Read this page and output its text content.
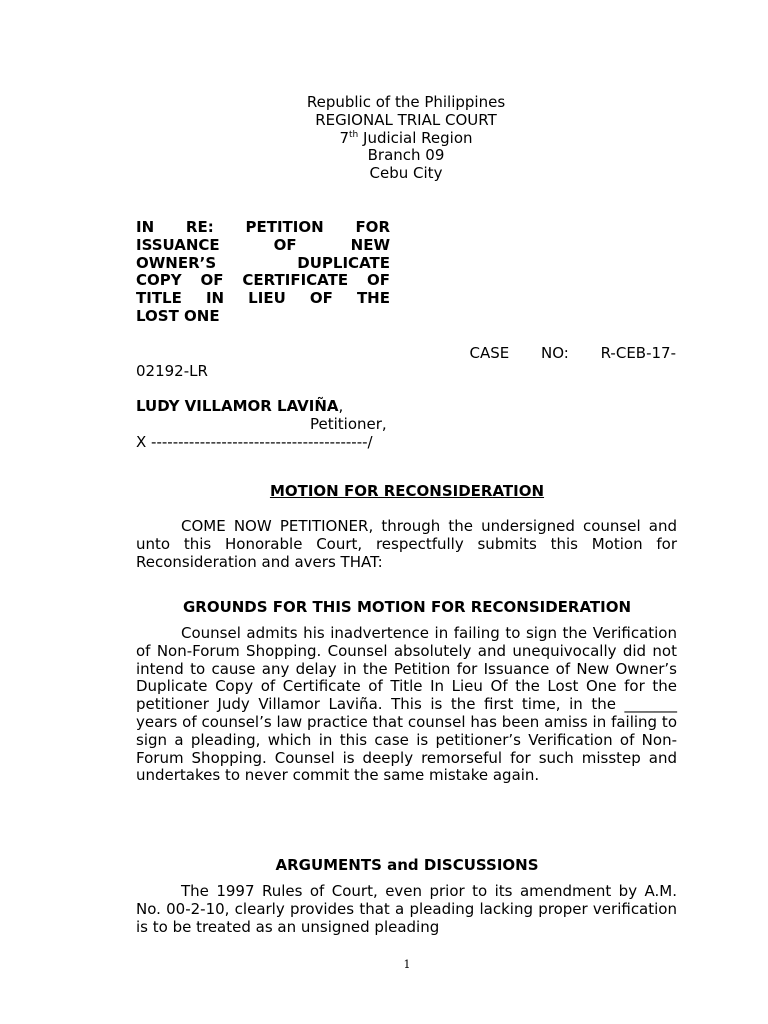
Republic of the Philippines
REGIONAL TRIAL COURT
7th Judicial Region
Branch 09
Cebu City
IN RE: PETITION FOR
ISSUANCE OF NEW
OWNER’S DUPLICATE
COPY OF CERTIFICATE OF
TITLE IN LIEU OF THE
LOST ONE
CASE NO: R-CEB-17-
02192-LR
LUDY VILLAMOR LAVIÑA,
Petitioner,
X ----------------------------------------/
MOTION FOR RECONSIDERATION
COME NOW PETITIONER, through the undersigned counsel and unto this Honorable Court, respectfully submits this Motion for Reconsideration and avers THAT:
GROUNDS FOR THIS MOTION FOR RECONSIDERATION
Counsel admits his inadvertence in failing to sign the Verification of Non-Forum Shopping. Counsel absolutely and unequivocally did not intend to cause any delay in the Petition for Issuance of New Owner’s Duplicate Copy of Certificate of Title In Lieu Of the Lost One for the petitioner Judy Villamor Laviña. This is the first time, in the _______ years of counsel’s law practice that counsel has been amiss in failing to sign a pleading, which in this case is petitioner’s Verification of Non-Forum Shopping. Counsel is deeply remorseful for such misstep and undertakes to never commit the same mistake again.
ARGUMENTS and DISCUSSIONS
The 1997 Rules of Court, even prior to its amendment by A.M. No. 00-2-10, clearly provides that a pleading lacking proper verification is to be treated as an unsigned pleading
1
